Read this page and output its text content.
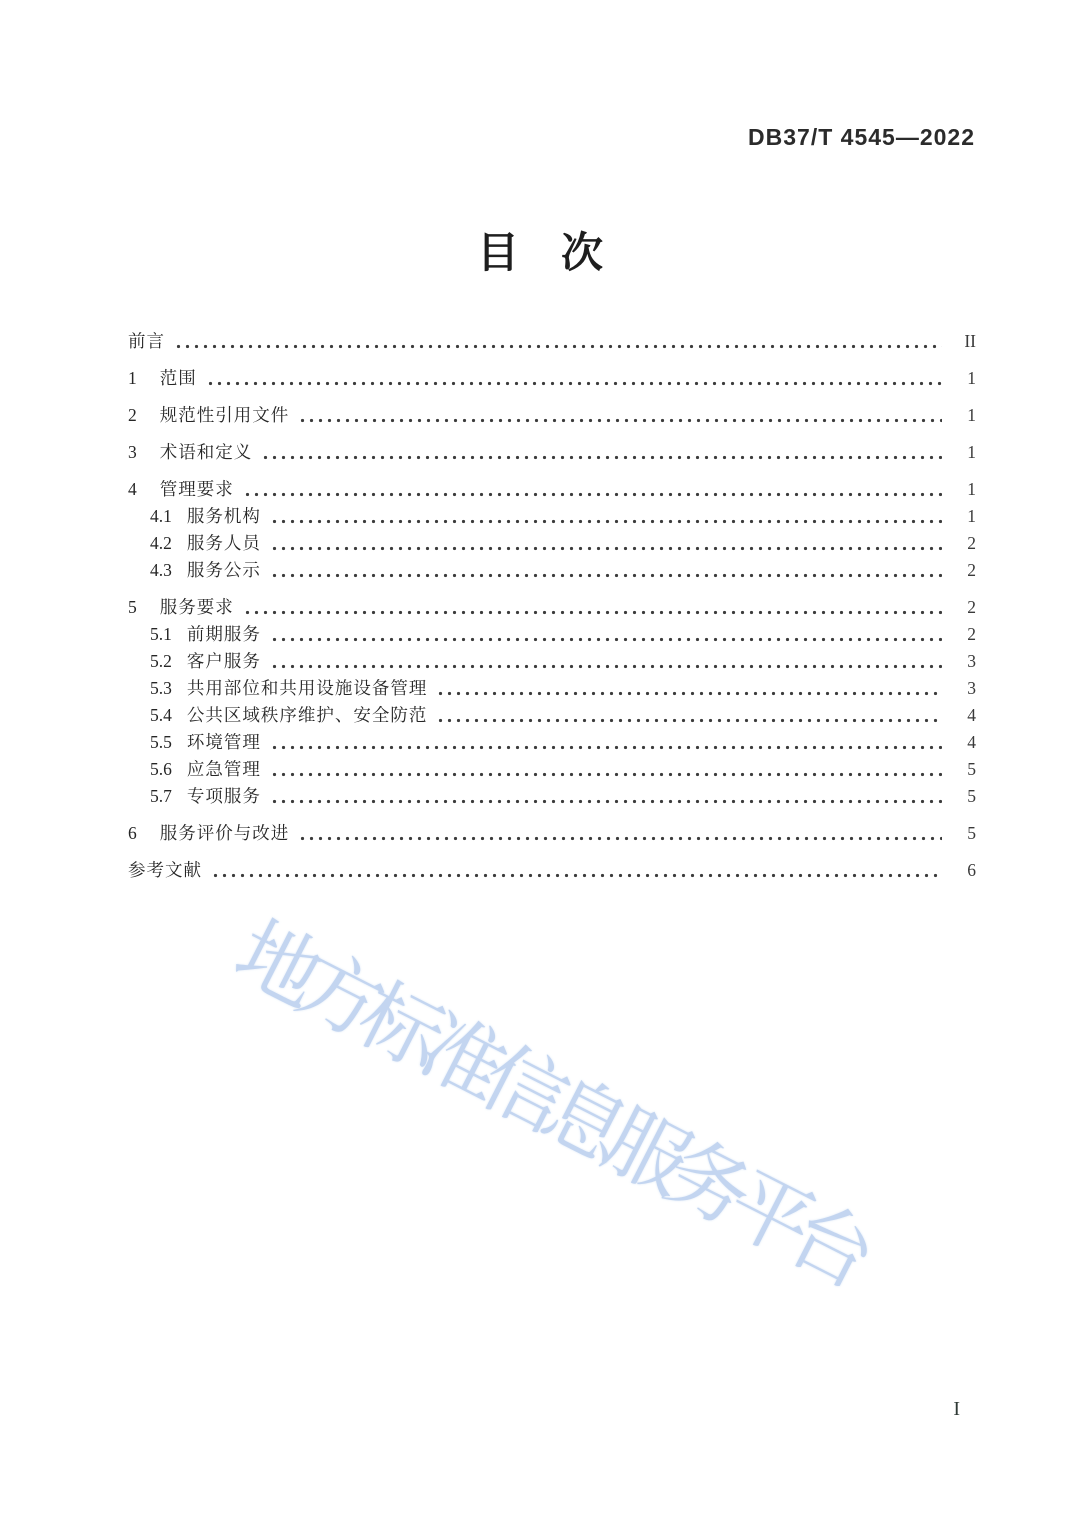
DB37/T 4545—2022
目　次
前言	II
1 范围	1
2 规范性引用文件	1
3 术语和定义	1
4 管理要求	1
4.1 服务机构	1
4.2 服务人员	2
4.3 服务公示	2
5 服务要求	2
5.1 前期服务	2
5.2 客户服务	3
5.3 共用部位和共用设施设备管理	3
5.4 公共区域秩序维护、安全防范	4
5.5 环境管理	4
5.6 应急管理	5
5.7 专项服务	5
6 服务评价与改进	5
参考文献	6
地方标准信息服务平台
I
